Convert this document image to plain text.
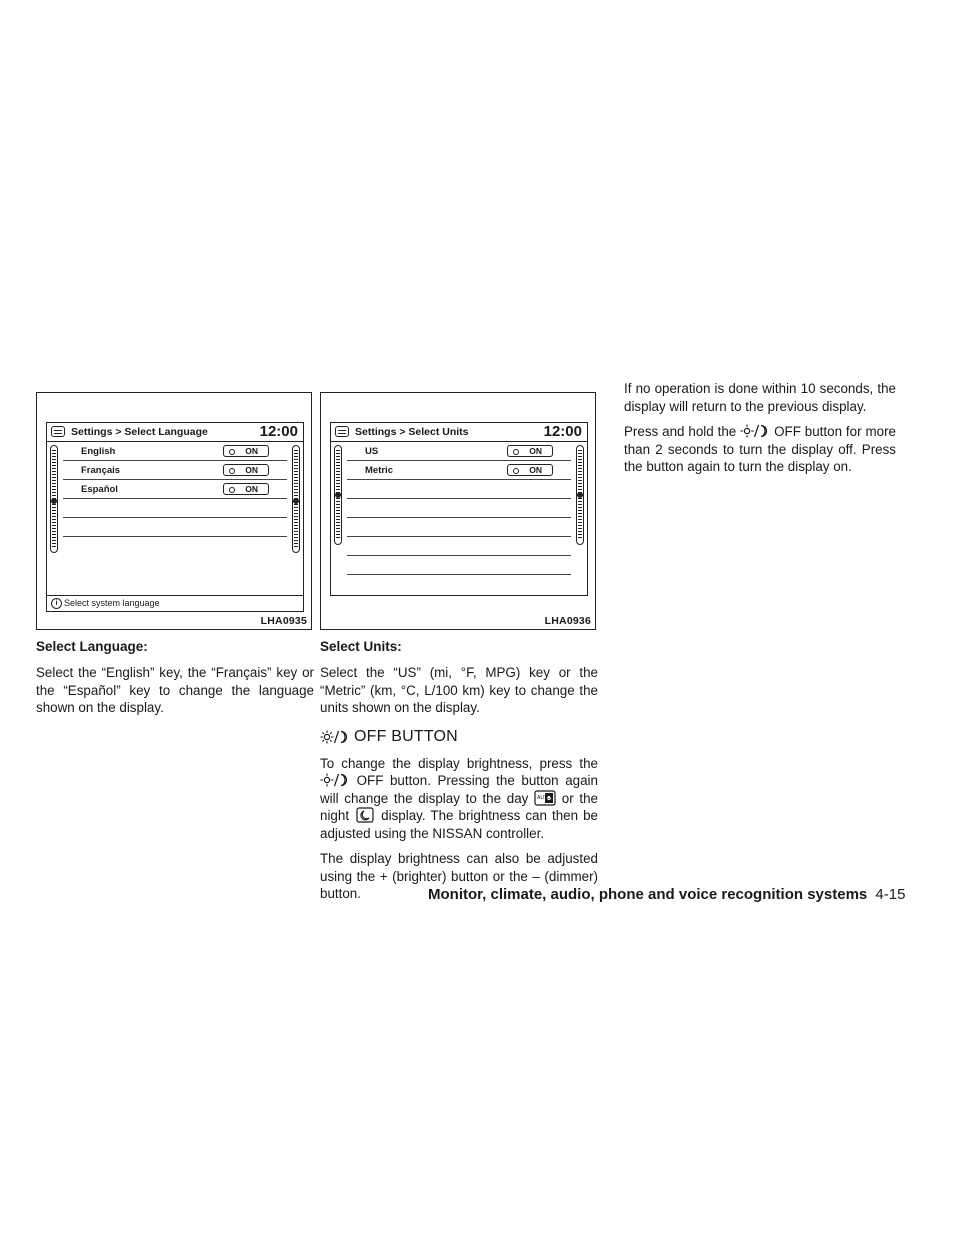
Settings > Select Language	12:00
English	ON
Français	ON
Español	ON
i Select system language
LHA0935
Select Language:

Select the “English” key, the “Français” key or the “Español” key to change the language shown on the display.

Settings > Select Units	12:00
US	ON
Metric	ON
LHA0936
Select Units:

Select the “US” (mi, °F, MPG) key or the “Metric” (km, °C, L/100 km) key to change the units shown on the display.

OFF BUTTON

To change the display brightness, press the  OFF button. Pressing the button again will change the display to the day AUTO or the night display. The brightness can then be adjusted using the NISSAN controller.

The display brightness can also be adjusted using the + (brighter) button or the – (dimmer) button.

If no operation is done within 10 seconds, the display will return to the previous display.

Press and hold the	OFF button for more than 2 seconds to turn the display off. Press the button again to turn the display on.

Monitor, climate, audio, phone and voice recognition systems 4-15
